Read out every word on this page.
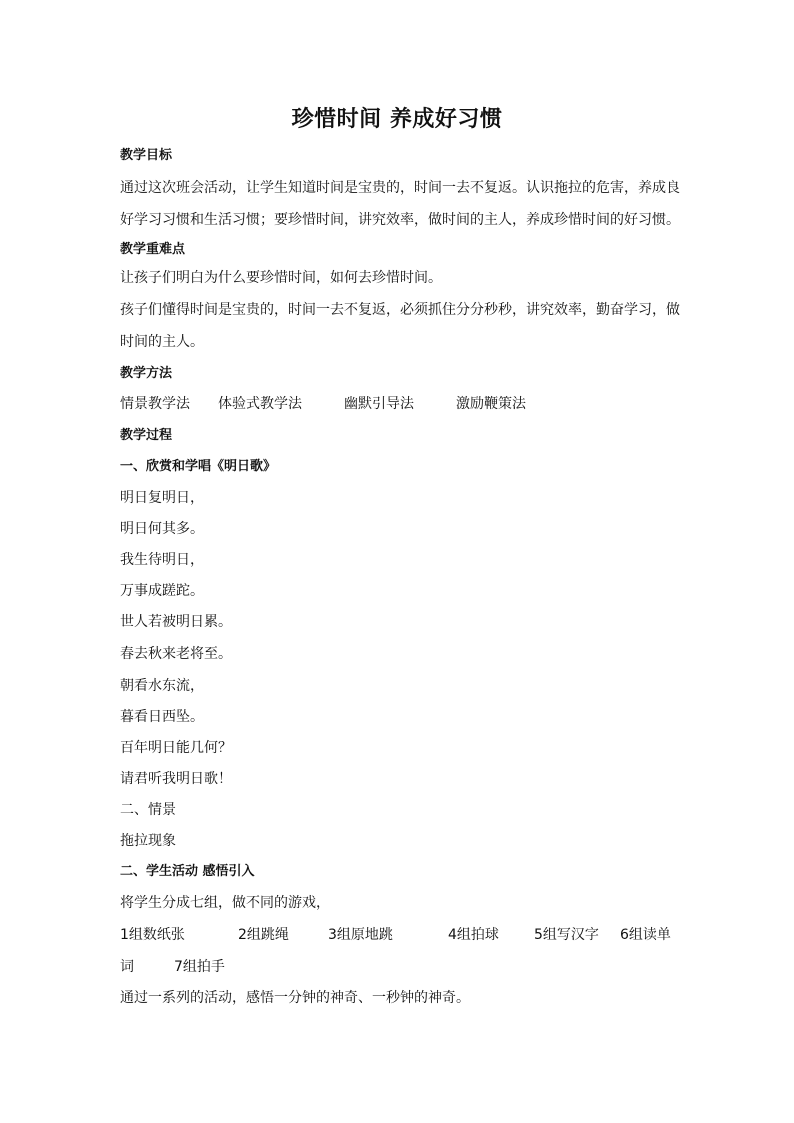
珍惜时间 养成好习惯
教学目标
通过这次班会活动，让学生知道时间是宝贵的，时间一去不复返。认识拖拉的危害，养成良好学习习惯和生活习惯；要珍惜时间，讲究效率，做时间的主人，养成珍惜时间的好习惯。
教学重难点
让孩子们明白为什么要珍惜时间，如何去珍惜时间。
孩子们懂得时间是宝贵的，时间一去不复返，必须抓住分分秒秒，讲究效率，勤奋学习，做时间的主人。
教学方法
情景教学法 体验式教学法	幽默引导法	激励鞭策法
教学过程
一、欣赏和学唱《明日歌》
明日复明日，
明日何其多。
我生待明日，
万事成蹉跎。
世人若被明日累。
春去秋来老将至。
朝看水东流，
暮看日西坠。
百年明日能几何？
请君听我明日歌！
二、情景
拖拉现象
二、学生活动 感悟引入
将学生分成七组，做不同的游戏，
1组数纸张	2组跳绳	3组原地跳	4组拍球	5组写汉字 6组读单
词	7组拍手
通过一系列的活动，感悟一分钟的神奇、一秒钟的神奇。
